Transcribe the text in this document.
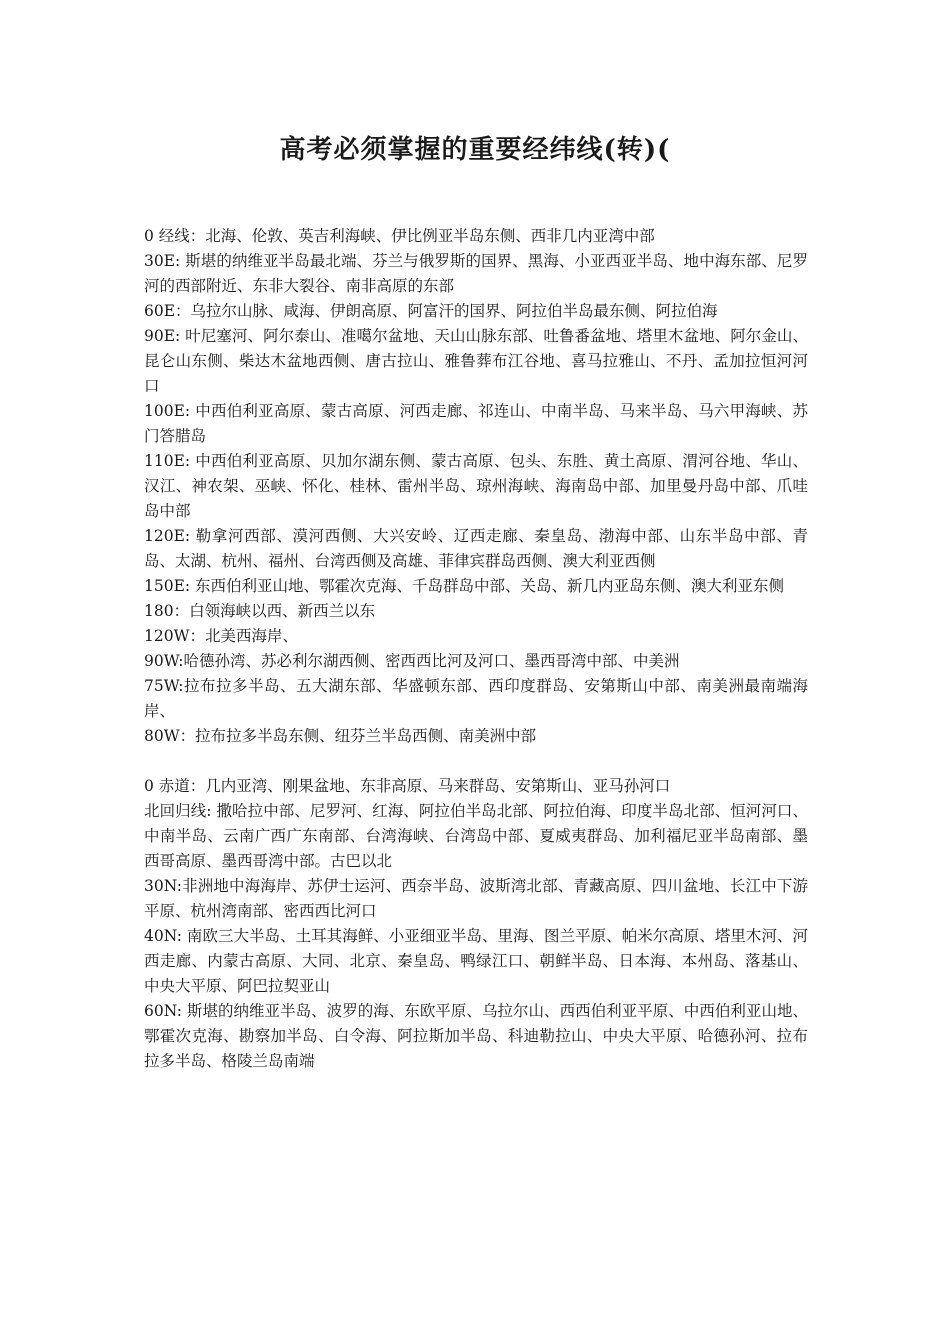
高考必须掌握的重要经纬线(转)(

0 经线：北海、伦敦、英吉利海峡、伊比例亚半岛东侧、西非几内亚湾中部

30E: 斯堪的纳维亚半岛最北端、芬兰与俄罗斯的国界、黑海、小亚西亚半岛、地中海东部、尼罗河的西部附近、东非大裂谷、南非高原的东部

60E：乌拉尔山脉、咸海、伊朗高原、阿富汗的国界、阿拉伯半岛最东侧、阿拉伯海

90E: 叶尼塞河、阿尔泰山、准噶尔盆地、天山山脉东部、吐鲁番盆地、塔里木盆地、阿尔金山、昆仑山东侧、柴达木盆地西侧、唐古拉山、雅鲁葬布江谷地、喜马拉雅山、不丹、孟加拉恒河河口

100E: 中西伯利亚高原、蒙古高原、河西走廊、祁连山、中南半岛、马来半岛、马六甲海峡、苏门答腊岛

110E: 中西伯利亚高原、贝加尔湖东侧、蒙古高原、包头、东胜、黄土高原、渭河谷地、华山、汉江、神农架、巫峡、怀化、桂林、雷州半岛、琼州海峡、海南岛中部、加里曼丹岛中部、爪哇岛中部

120E: 勒拿河西部、漠河西侧、大兴安岭、辽西走廊、秦皇岛、渤海中部、山东半岛中部、青岛、太湖、杭州、福州、台湾西侧及高雄、菲律宾群岛西侧、澳大利亚西侧

150E: 东西伯利亚山地、鄂霍次克海、千岛群岛中部、关岛、新几内亚岛东侧、澳大利亚东侧

180：白领海峡以西、新西兰以东

120W：北美西海岸、

90W:哈德孙湾、苏必利尔湖西侧、密西西比河及河口、墨西哥湾中部、中美洲

75W:拉布拉多半岛、五大湖东部、华盛顿东部、西印度群岛、安第斯山中部、南美洲最南端海岸、

80W：拉布拉多半岛东侧、纽芬兰半岛西侧、南美洲中部

0 赤道：几内亚湾、刚果盆地、东非高原、马来群岛、安第斯山、亚马孙河口

北回归线: 撒哈拉中部、尼罗河、红海、阿拉伯半岛北部、阿拉伯海、印度半岛北部、恒河河口、中南半岛、云南广西广东南部、台湾海峡、台湾岛中部、夏威夷群岛、加利福尼亚半岛南部、墨西哥高原、墨西哥湾中部。古巴以北

30N:非洲地中海海岸、苏伊士运河、西奈半岛、波斯湾北部、青藏高原、四川盆地、长江中下游平原、杭州湾南部、密西西比河口

40N: 南欧三大半岛、土耳其海鲜、小亚细亚半岛、里海、图兰平原、帕米尔高原、塔里木河、河西走廊、内蒙古高原、大同、北京、秦皇岛、鸭绿江口、朝鲜半岛、日本海、本州岛、落基山、中央大平原、阿巴拉契亚山

60N: 斯堪的纳维亚半岛、波罗的海、东欧平原、乌拉尔山、西西伯利亚平原、中西伯利亚山地、鄂霍次克海、勘察加半岛、白令海、阿拉斯加半岛、科迪勒拉山、中央大平原、哈德孙河、拉布拉多半岛、格陵兰岛南端
